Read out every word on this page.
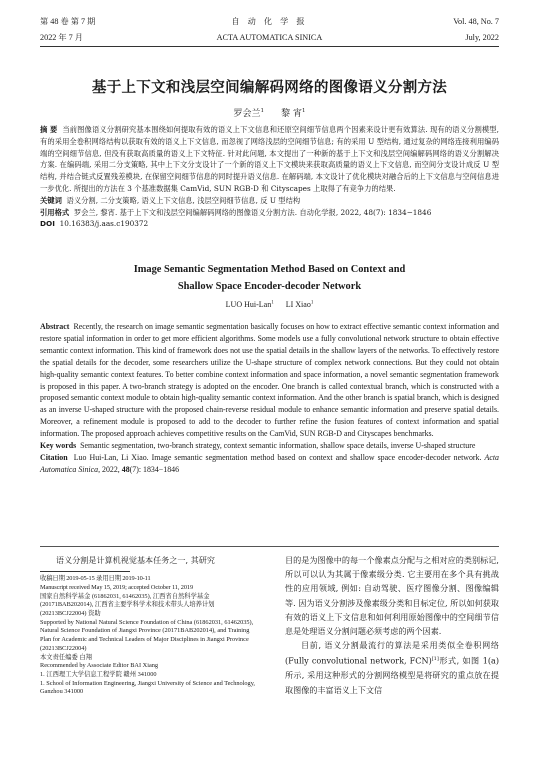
第 48 卷 第 7 期
2022 年 7 月
自 动 化 学 报
ACTA AUTOMATICA SINICA
Vol. 48, No. 7
July, 2022
基于上下文和浅层空间编解码网络的图像语义分割方法
罗会兰$^1$ 黎 宵$^1$
摘 要 当前图像语义分割研究基本围绕如何提取有效的语义上下文信息和还原空间细节信息两个因素来设计更有效算法. 现有的语义分割模型, 有的采用全卷积网络结构以获取有效的语义上下文信息, 而忽视了网络浅层的空间细节信息; 有的采用 U 型结构, 通过复杂的网络连接利用编码端的空间细节信息, 但没有获取高质量的语义上下文特征. 针对此问题, 本文提出了一种新的基于上下文和浅层空间编解码网络的语义分割解决方案. 在编码端, 采用二分支策略, 其中上下文分支设计了一个新的语义上下文模块来获取高质量的语义上下文信息, 而空间分支设计成反 U 型结构, 并结合链式反置残差模块, 在保留空间细节信息的同时提升语义信息. 在解码端, 本文设计了优化模块对融合后的上下文信息与空间信息进一步优化. 所提出的方法在 3 个基准数据集 CamVid, SUN RGB-D 和 Cityscapes 上取得了有竞争力的结果.
关键词 语义分割, 二分支策略, 语义上下文信息, 浅层空间细节信息, 反 U 型结构
引用格式 罗会兰, 黎宵. 基于上下文和浅层空间编解码网络的图像语义分割方法. 自动化学报, 2022, 48(7): 1834−1846
DOI 10.16383/j.aas.c190372
Image Semantic Segmentation Method Based on Context and
Shallow Space Encoder-decoder Network
LUO Hui-Lan$^1$ LI Xiao$^1$
Abstract Recently, the research on image semantic segmentation basically focuses on how to extract effective semantic context information and restore spatial information in order to get more efficient algorithms. Some models use a fully convolutional network structure to obtain effective semantic context information. This kind of framework does not use the spatial details in the shallow layers of the networks. To effectively restore the spatial details for the decoder, some researchers utilize the U-shape structure of complex network connections. But they could not obtain high-quality semantic context features. To better combine context information and space information, a novel semantic segmentation framework is proposed in this paper. A two-branch strategy is adopted on the encoder. One branch is called contextual branch, which is constructed with a proposed semantic context module to obtain high-quality semantic context information. And the other branch is spatial branch, which is designed as an inverse U-shaped structure with the proposed chain-reverse residual module to enhance semantic information and preserve spatial details. Moreover, a refinement module is proposed to add to the decoder to further refine the fusion features of context information and spatial information. The proposed approach achieves competitive results on the CamVid, SUN RGB-D and Cityscapes benchmarks.
Key words Semantic segmentation, two-branch strategy, context semantic information, shallow space details, inverse U-shaped structure
Citation Luo Hui-Lan, Li Xiao. Image semantic segmentation method based on context and shallow space encoder-decoder network. Acta Automatica Sinica, 2022, 48(7): 1834−1846
语义分割是计算机视觉基本任务之一, 其研究
收稿日期 2019-05-15 录用日期 2019-10-11
Manuscript received May 15, 2019; accepted October 11, 2019
国家自然科学基金 (61862031, 61462035), 江西省自然科学基金 (20171BAB202014), 江西省主要学科学术和技术带头人培养计划 (20213BCJ22004) 资助
Supported by National Natural Science Foundation of China (61862031, 61462035), Natural Science Foundation of Jiangxi Province (20171BAB202014), and Training Plan for Academic and Technical Leaders of Major Disciplines in Jiangxi Province (20213BCJ22004)
本文责任编委 白翔
Recommended by Associate Editor BAI Xiang
1. 江西理工大学信息工程学院 赣州 341000
1. School of Information Engineering, Jiangxi University of Science and Technology, Ganzhou 341000
目的是为图像中的每一个像素点分配与之相对应的类别标记, 所以可以认为其属于像素级分类. 它主要用在多个具有挑战性的应用领域, 例如: 自动驾驶、医疗图像分割、图像编辑等. 因为语义分割涉及像素级分类和目标定位, 所以如何获取有效的语义上下文信息和如何利用原始图像中的空间细节信息是处理语义分割问题必须考虑的两个因素.
目前, 语义分割最流行的算法是采用类似全卷积网络 (Fully convolutional network, FCN)[1]形式, 如图 1(a) 所示, 采用这种形式的分割网络模型是将研究的重点放在提取图像的丰富语义上下文信
